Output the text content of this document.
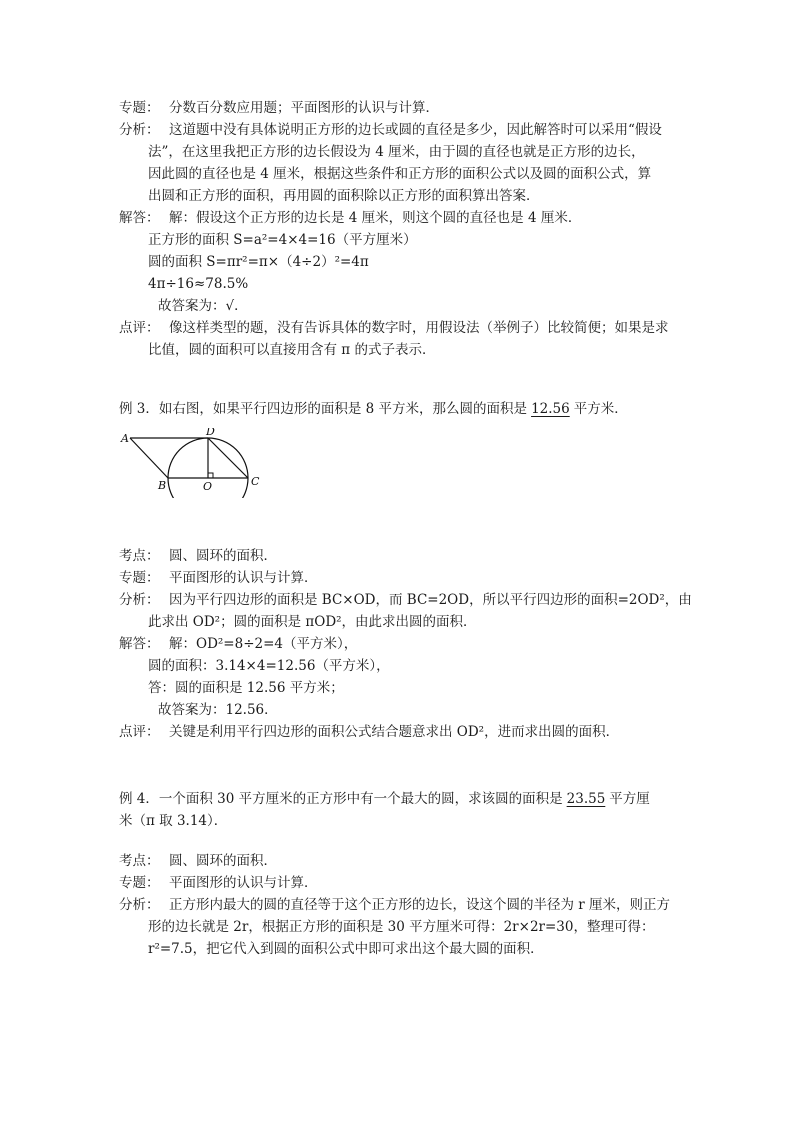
专题： 分数百分数应用题；平面图形的认识与计算．
分析： 这道题中没有具体说明正方形的边长或圆的直径是多少，因此解答时可以采用“假设
法”，在这里我把正方形的边长假设为 4 厘米，由于圆的直径也就是正方形的边长，
因此圆的直径也是 4 厘米，根据这些条件和正方形的面积公式以及圆的面积公式，算
出圆和正方形的面积，再用圆的面积除以正方形的面积算出答案．
解答： 解：假设这个正方形的边长是 4 厘米，则这个圆的直径也是 4 厘米．
正方形的面积 S=a²=4×4=16（平方厘米）
圆的面积 S=πr²=π×（4÷2）²=4π
4π÷16≈78.5%
故答案为：√．
点评： 像这样类型的题，没有告诉具体的数字时，用假设法（举例子）比较简便；如果是求
比值，圆的面积可以直接用含有 π 的式子表示．
例 3．如右图，如果平行四边形的面积是 8 平方米，那么圆的面积是 12.56 平方米．
A
D
B	O	C
考点： 圆、圆环的面积．
专题： 平面图形的认识与计算．
分析： 因为平行四边形的面积是 BC×OD，而 BC=2OD，所以平行四边形的面积=2OD²，由
此求出 OD²；圆的面积是 πOD²，由此求出圆的面积．
解答： 解：OD²=8÷2=4（平方米），
圆的面积：3.14×4=12.56（平方米），
答：圆的面积是 12.56 平方米；
故答案为：12.56．
点评： 关键是利用平行四边形的面积公式结合题意求出 OD²，进而求出圆的面积．
例 4．一个面积 30 平方厘米的正方形中有一个最大的圆，求该圆的面积是 23.55 平方厘
米（π 取 3.14）．
考点： 圆、圆环的面积．
专题： 平面图形的认识与计算．
分析： 正方形内最大的圆的直径等于这个正方形的边长，设这个圆的半径为 r 厘米，则正方
形的边长就是 2r，根据正方形的面积是 30 平方厘米可得：2r×2r=30，整理可得：
r²=7.5，把它代入到圆的面积公式中即可求出这个最大圆的面积．
